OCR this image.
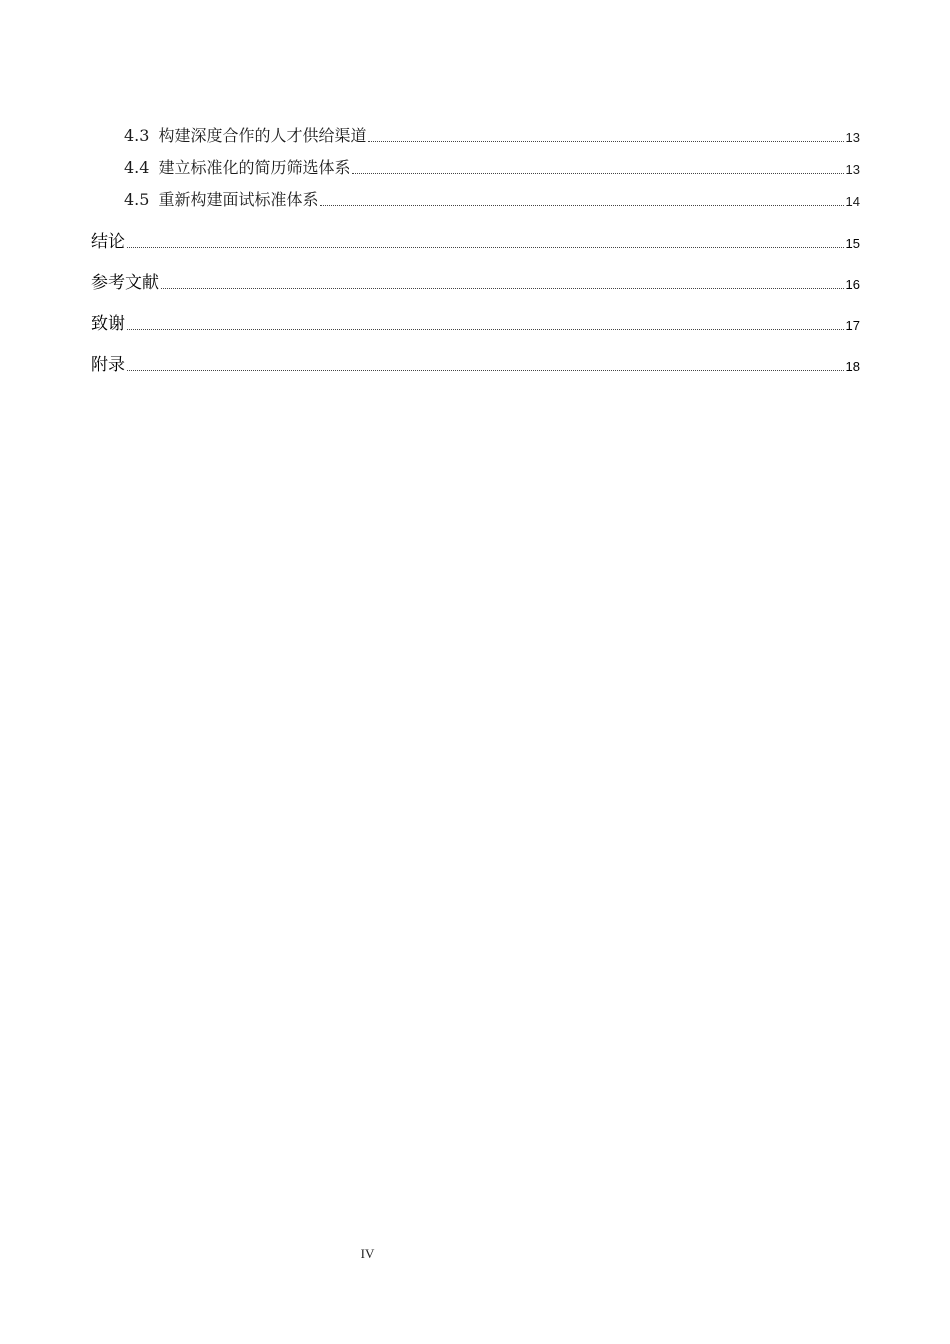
4.3 构建深度合作的人才供给渠道	13
4.4 建立标准化的简历筛选体系	13
4.5 重新构建面试标准体系	14
结论	15
参考文献	16
致谢	17
附录	18
IV
